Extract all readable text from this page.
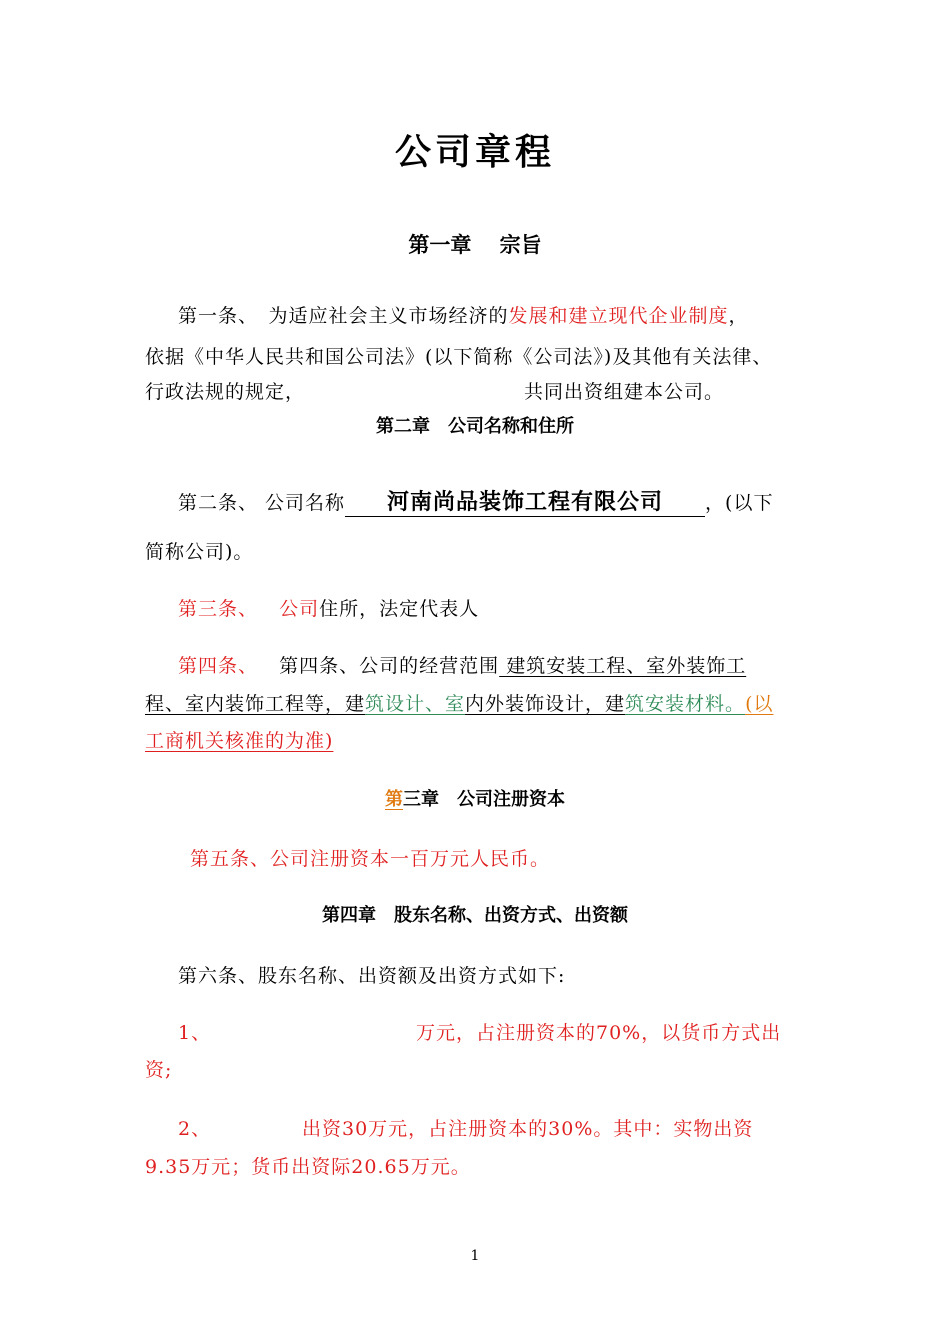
公司章程
第一章　 宗旨
第一条、　为适应社会主义市场经济的发展和建立现代企业制度，
依据《中华人民共和国公司法》(以下简称《公司法》)及其他有关法律、
行政法规的规定，	共同出资组建本公司。
第二章　公司名称和住所
第二条、 公司名称 河南尚品装饰工程有限公司 ，(以下
简称公司)。
第三条、 公司住所，法定代表人
第四条、 第四条、公司的经营范围 建筑安装工程、室外装饰工
程、室内装饰工程等，建筑设计、室内外装饰设计，建筑安装材料。(以
工商机关核准的为准)
第三章　公司注册资本
第五条、公司注册资本一百万元人民币。
第四章　股东名称、出资方式、出资额
第六条、股东名称、出资额及出资方式如下:
1、	万元，占注册资本的70%，以货币方式出
资;
2、	出资30万元，占注册资本的30%。其中：实物出资
9.35万元；货币出资际20.65万元。
1
